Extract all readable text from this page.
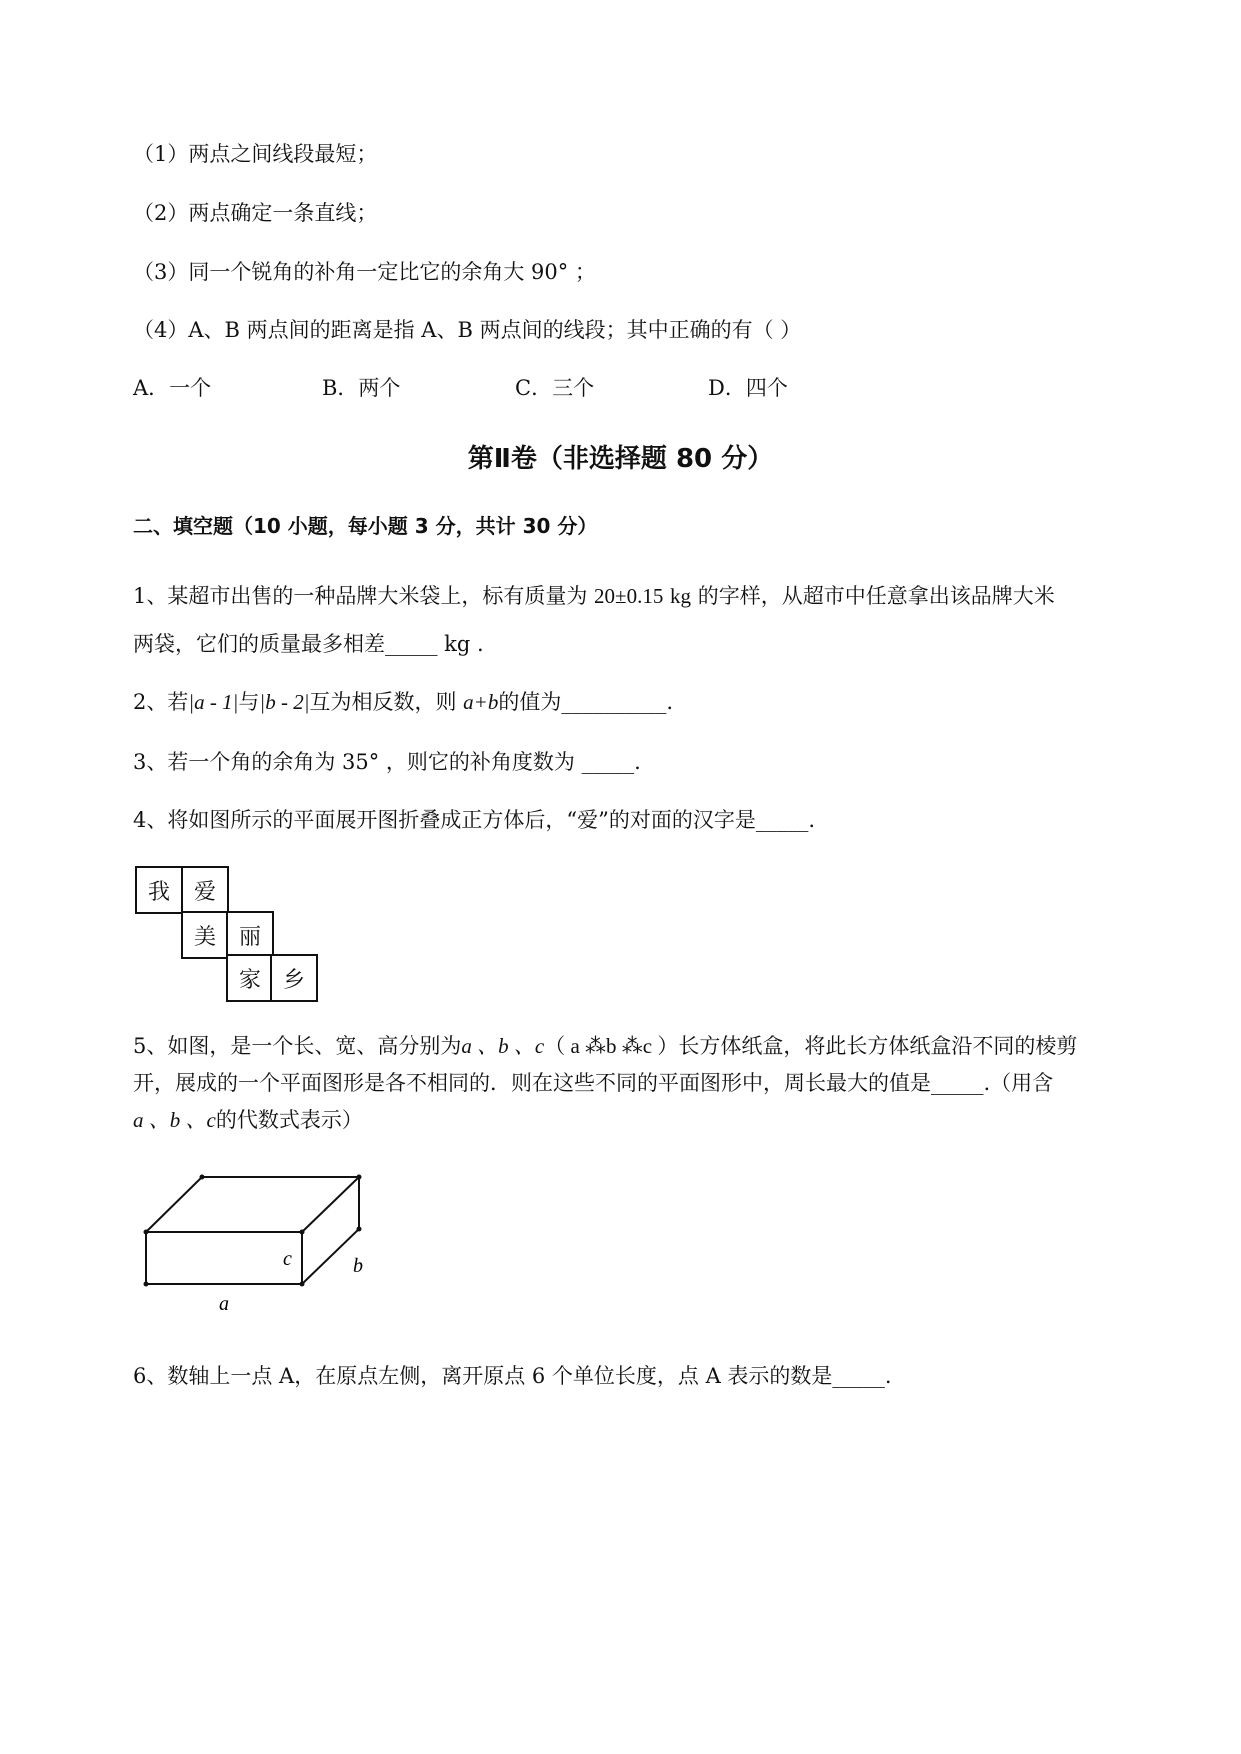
（1）两点之间线段最短；
（2）两点确定一条直线；
（3）同一个锐角的补角一定比它的余角大 90° ；
（4）A、B 两点间的距离是指 A、B 两点间的线段；其中正确的有（ ）
A．一个	B．两个	C．三个	D．四个
第Ⅱ卷（非选择题 80 分）
二、填空题（10 小题，每小题 3 分，共计 30 分）
1、某超市出售的一种品牌大米袋上，标有质量为 20±0.15 kg 的字样，从超市中任意拿出该品牌大米
两袋，它们的质量最多相差_____ kg .
2、若|a - 1|与|b - 2|互为相反数，则 a+b的值为__________.
3、若一个角的余角为 35° ，则它的补角度数为 _____.
4、将如图所示的平面展开图折叠成正方体后，“爱”的对面的汉字是_____.
我	爱
美	丽
家 乡
5、如图，是一个长、宽、高分别为a 、b 、c（ a ⁂b ⁂c ）长方体纸盒，将此长方体纸盒沿不同的棱剪
开，展成的一个平面图形是各不相同的．则在这些不同的平面图形中，周长最大的值是_____.（用含
a 、b 、c的代数式表示）
c	b
a
6、数轴上一点 A，在原点左侧，离开原点 6 个单位长度，点 A 表示的数是_____.
